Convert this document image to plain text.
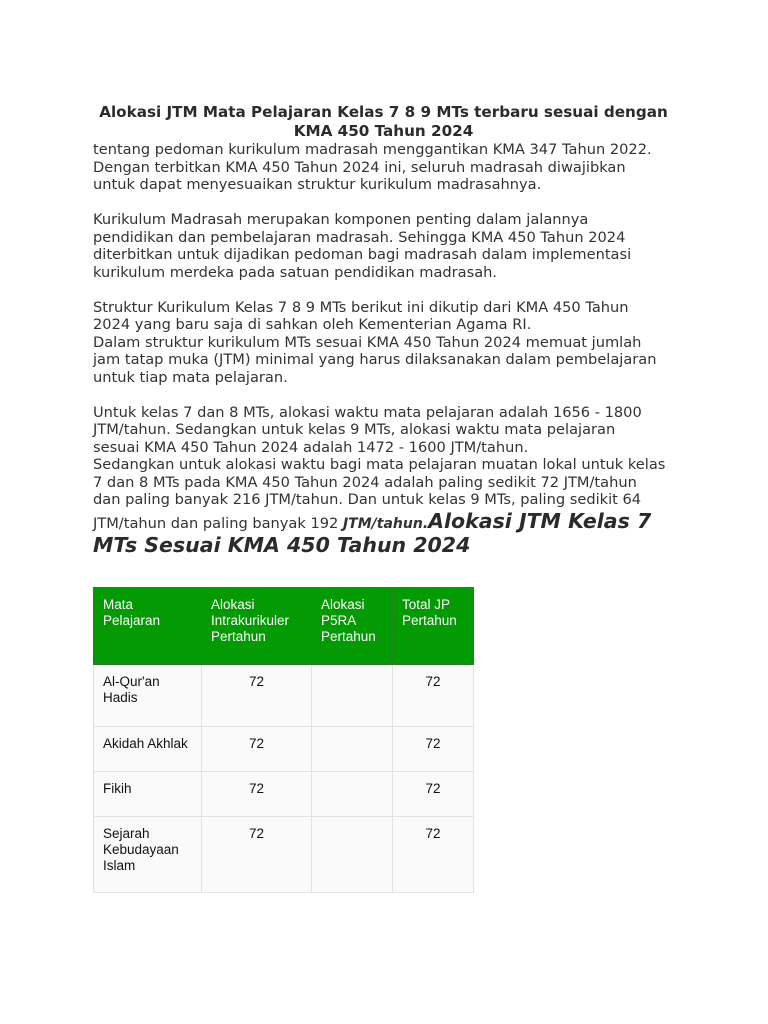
Alokasi JTM Mata Pelajaran Kelas 7 8 9 MTs terbaru sesuai dengan KMA 450 Tahun 2024
tentang pedoman kurikulum madrasah menggantikan KMA 347 Tahun 2022.
Dengan terbitkan KMA 450 Tahun 2024 ini, seluruh madrasah diwajibkan
untuk dapat menyesuaikan struktur kurikulum madrasahnya.
Kurikulum Madrasah merupakan komponen penting dalam jalannya
pendidikan dan pembelajaran madrasah. Sehingga KMA 450 Tahun 2024
diterbitkan untuk dijadikan pedoman bagi madrasah dalam implementasi
kurikulum merdeka pada satuan pendidikan madrasah.
Struktur Kurikulum Kelas 7 8 9 MTs berikut ini dikutip dari KMA 450 Tahun
2024 yang baru saja di sahkan oleh Kementerian Agama RI.
Dalam struktur kurikulum MTs sesuai KMA 450 Tahun 2024 memuat jumlah
jam tatap muka (JTM) minimal yang harus dilaksanakan dalam pembelajaran
untuk tiap mata pelajaran.
Untuk kelas 7 dan 8 MTs, alokasi waktu mata pelajaran adalah 1656 - 1800
JTM/tahun. Sedangkan untuk kelas 9 MTs, alokasi waktu mata pelajaran
sesuai KMA 450 Tahun 2024 adalah 1472 - 1600 JTM/tahun.
Sedangkan untuk alokasi waktu bagi mata pelajaran muatan lokal untuk kelas
7 dan 8 MTs pada KMA 450 Tahun 2024 adalah paling sedikit 72 JTM/tahun
dan paling banyak 216 JTM/tahun. Dan untuk kelas 9 MTs, paling sedikit 64
JTM/tahun dan paling banyak 192 JTM/tahun.Alokasi JTM Kelas 7
MTs Sesuai KMA 450 Tahun 2024
Mata Pelajaran	Alokasi Intrakurikuler Pertahun	Alokasi P5RA Pertahun	Total JP Pertahun
Al-Qur'an Hadis	72		72
Akidah Akhlak	72		72
Fikih	72		72
Sejarah Kebudayaan Islam	72		72
